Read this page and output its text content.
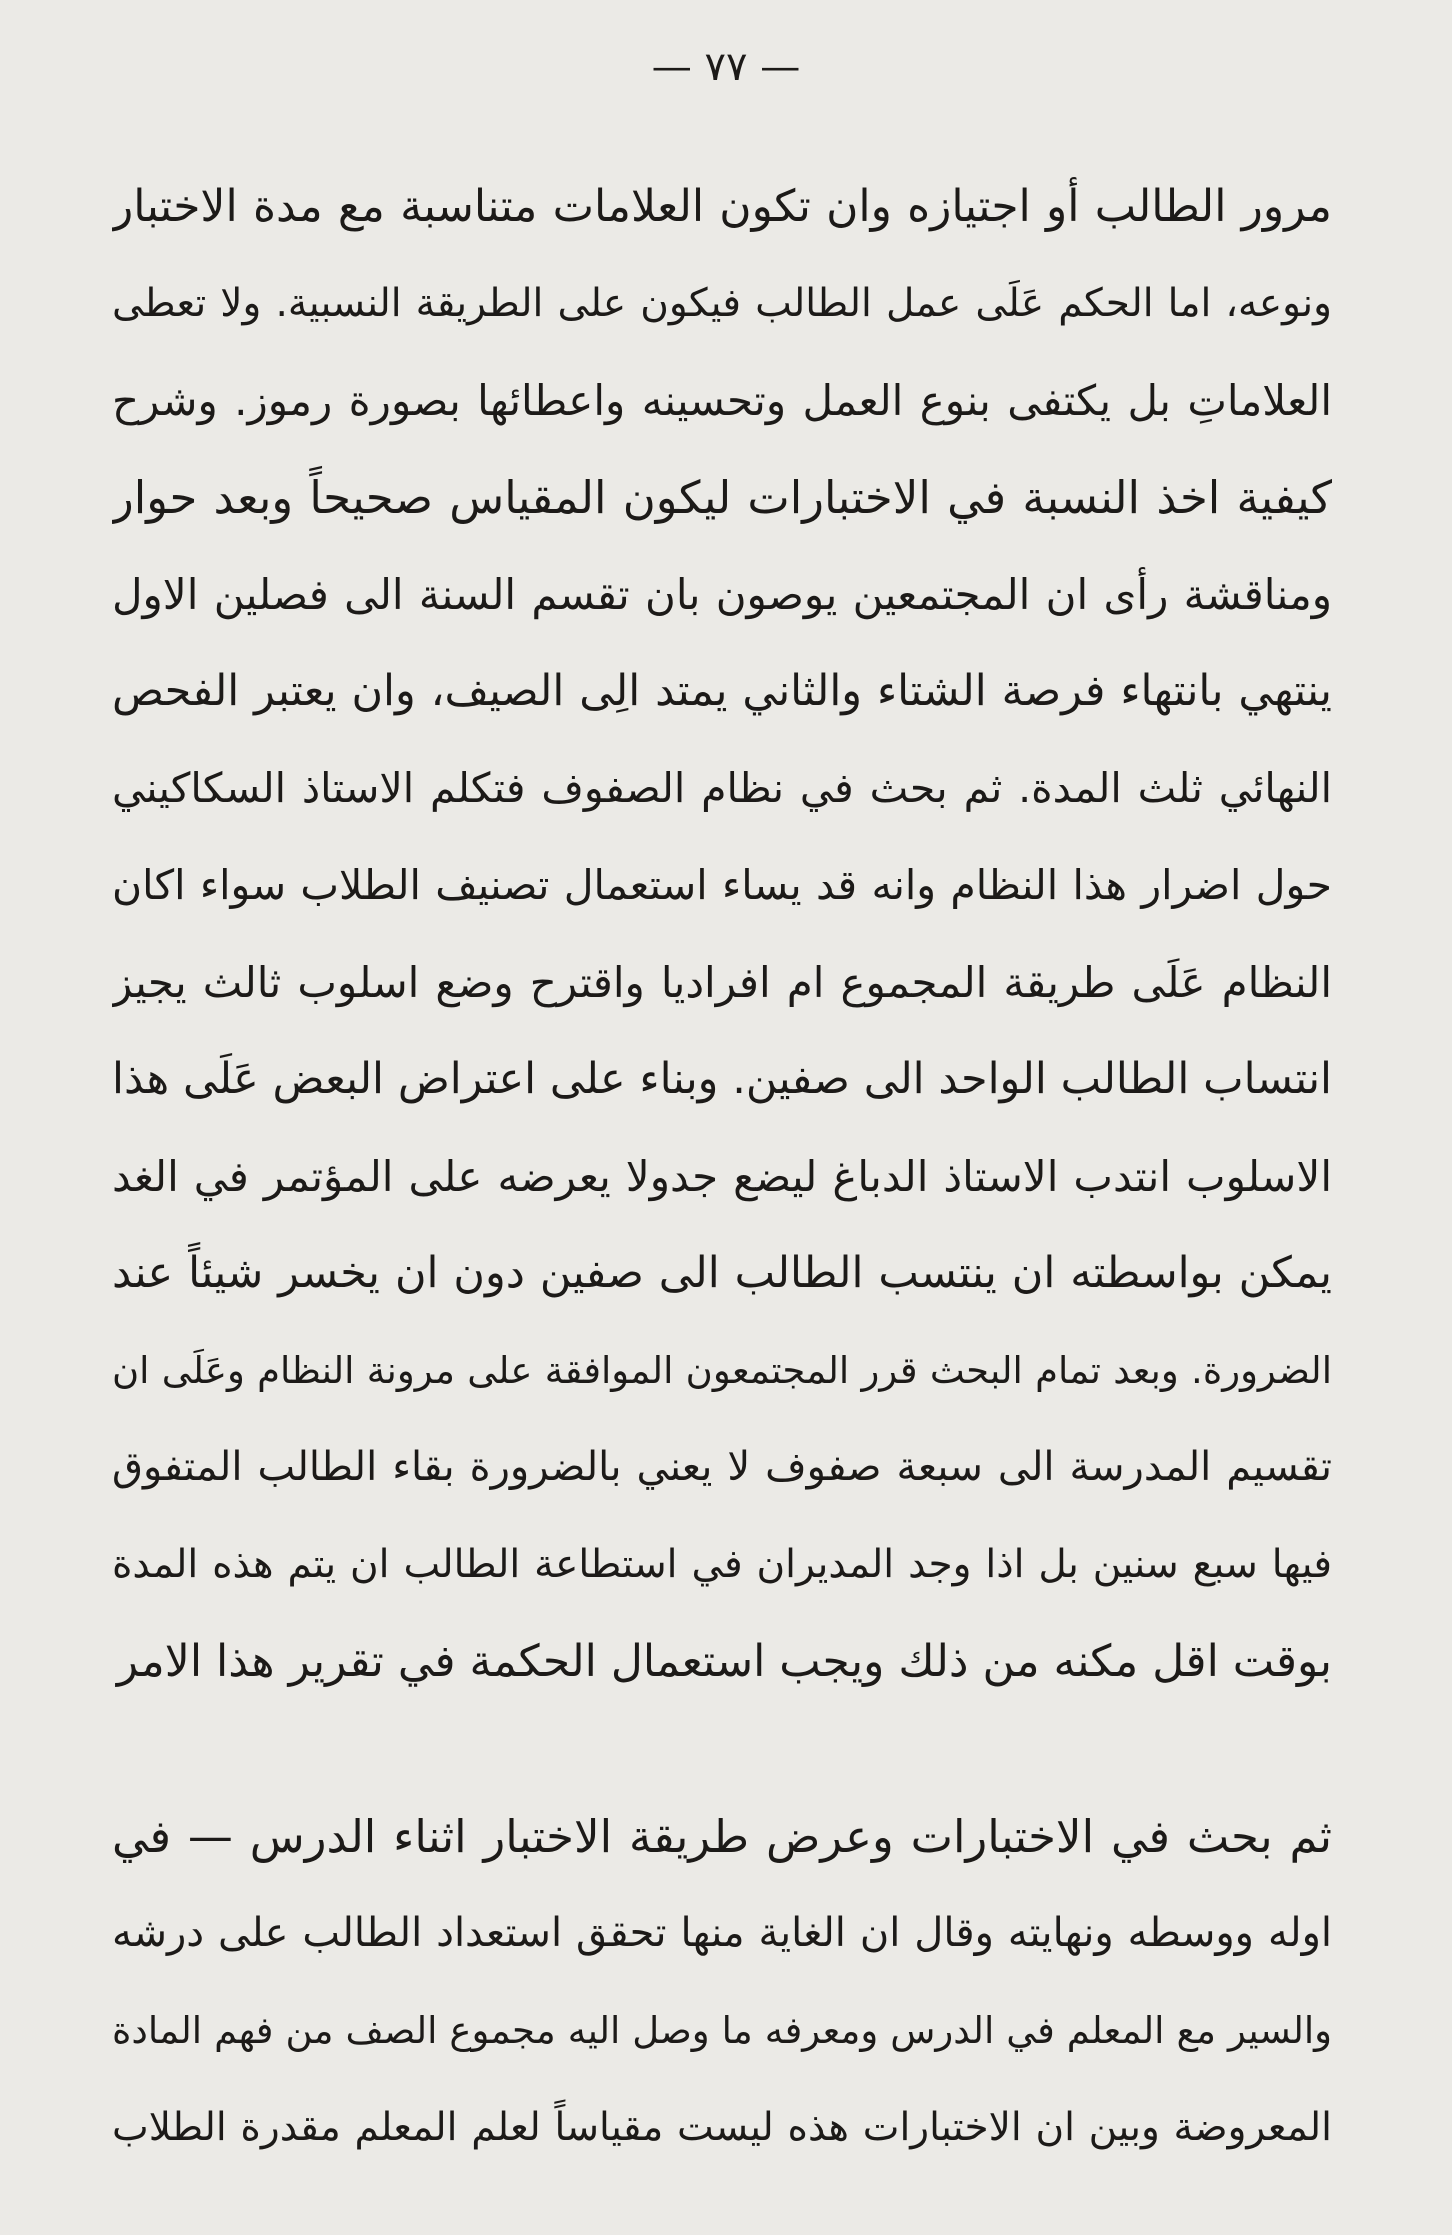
— ٧٧ —
مرور الطالب أو اجتيازه وان تكون العلامات متناسبة مع مدة الاختبار
ونوعه، اما الحكم عَلَى عمل الطالب فيكون على الطريقة النسبية. ولا تعطى
العلاماتِ بل يكتفى بنوع العمل وتحسينه واعطائها بصورة رموز. وشرح
كيفية اخذ النسبة في الاختبارات ليكون المقياس صحيحاً وبعد حوار
ومناقشة رأى ان المجتمعين يوصون بان تقسم السنة الى فصلين الاول
ينتهي بانتهاء فرصة الشتاء والثاني يمتد الِى الصيف، وان يعتبر الفحص
النهائي ثلث المدة. ثم بحث في نظام الصفوف فتكلم الاستاذ السكاكيني
حول اضرار هذا النظام وانه قد يساء استعمال تصنيف الطلاب سواء اكان
النظام عَلَى طريقة المجموع ام افراديا واقترح وضع اسلوب ثالث يجيز
انتساب الطالب الواحد الى صفين. وبناء على اعتراض البعض عَلَى هذا
الاسلوب انتدب الاستاذ الدباغ ليضع جدولا يعرضه على المؤتمر في الغد
يمكن بواسطته ان ينتسب الطالب الى صفين دون ان يخسر شيئاً عند
الضرورة. وبعد تمام البحث قرر المجتمعون الموافقة على مرونة النظام وعَلَى ان
تقسيم المدرسة الى سبعة صفوف لا يعني بالضرورة بقاء الطالب المتفوق
فيها سبع سنين بل اذا وجد المديران في استطاعة الطالب ان يتم هذه المدة
بوقت اقل مكنه من ذلك ويجب استعمال الحكمة في تقرير هذا الامر
ثم بحث في الاختبارات وعرض طريقة الاختبار اثناء الدرس — في
اوله ووسطه ونهايته وقال ان الغاية منها تحقق استعداد الطالب على درشه
والسير مع المعلم في الدرس ومعرفه ما وصل اليه مجموع الصف من فهم المادة
المعروضة وبين ان الاختبارات هذه ليست مقياساً لعلم المعلم مقدرة الطلاب
